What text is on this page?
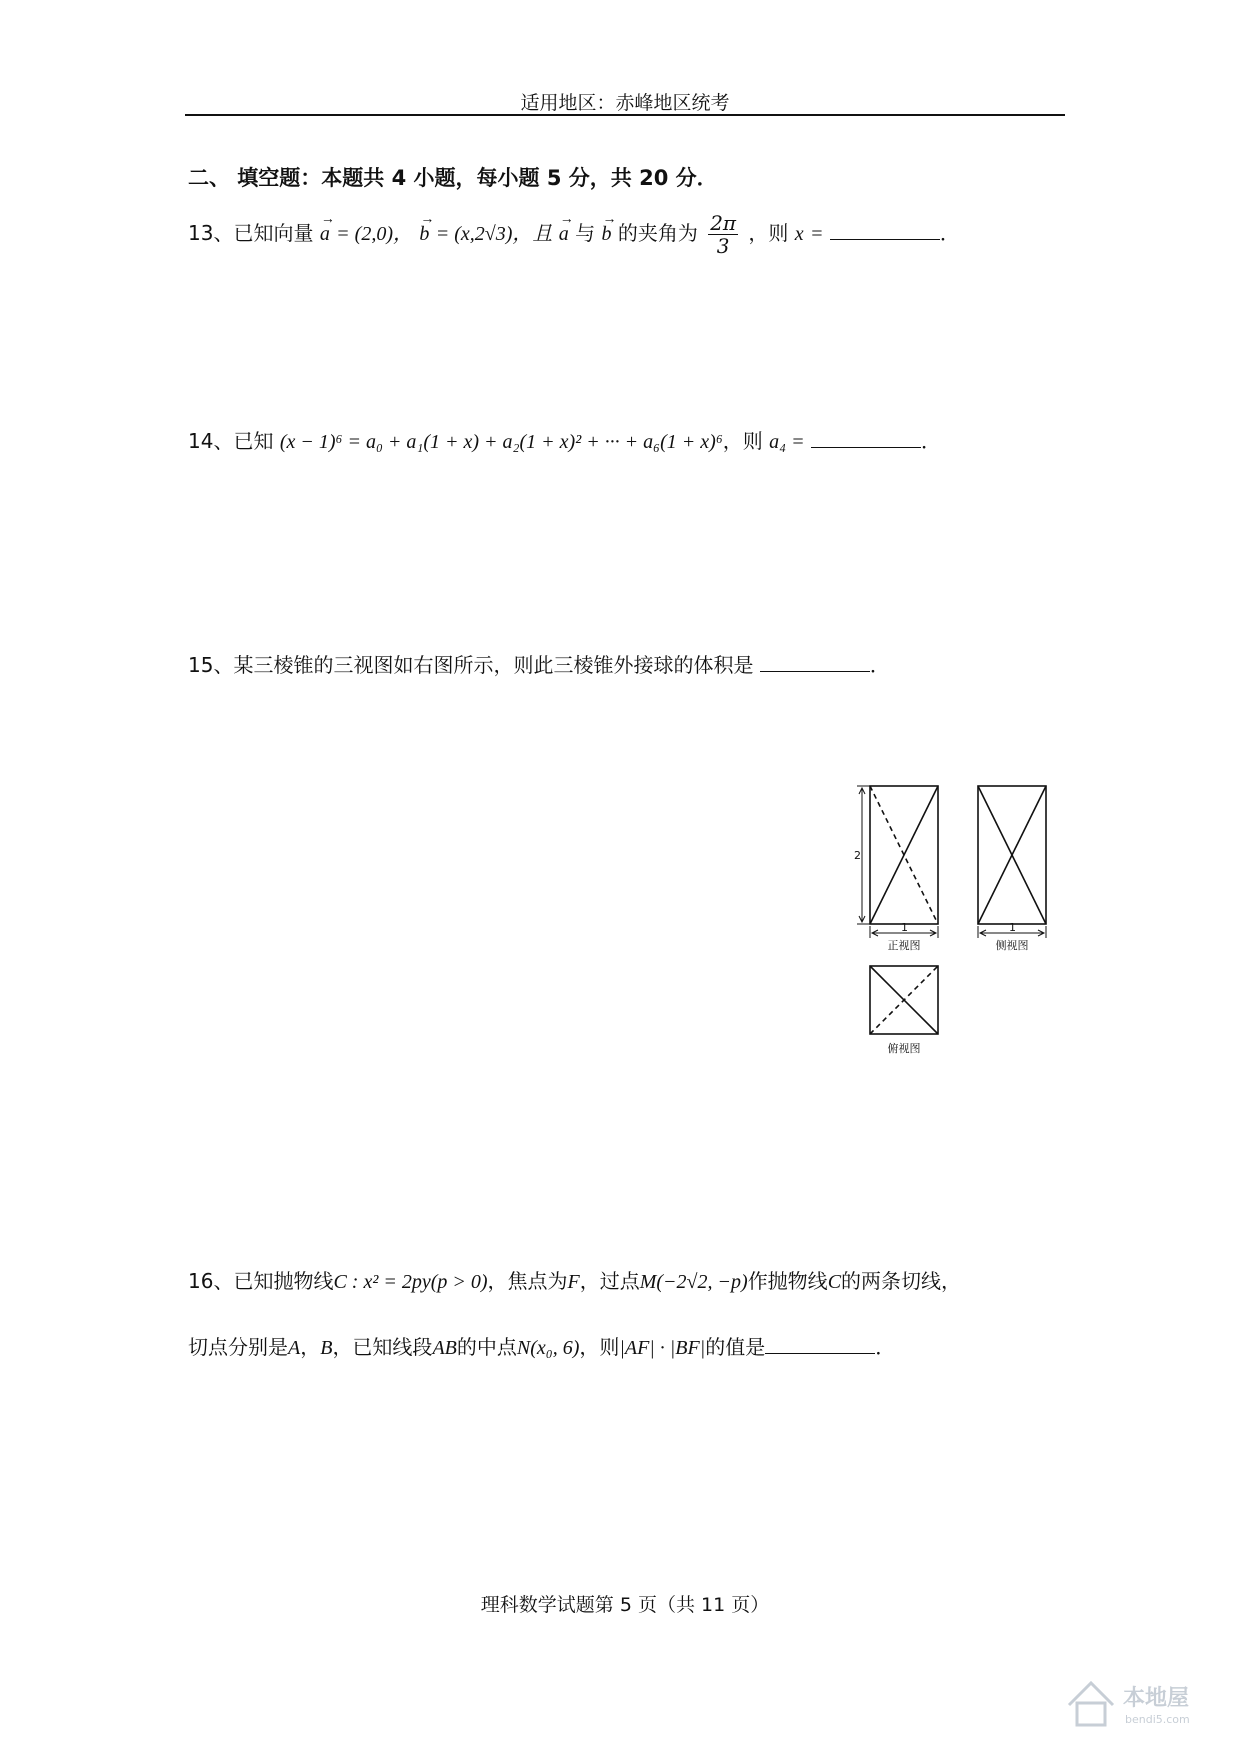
适用地区：赤峰地区统考
二、 填空题：本题共 4 小题，每小题 5 分，共 20 分．
13、已知向量
→
a = (2,0)，
→
b = (x,2√3)，且
→
a 与
→
b 的夹角为 $\frac{2\pi}{3}$ ，则 x =	．
14、已知 (x − 1)⁶ = a₀ + a₁(1 + x) + a₂(1 + x)² + ··· + a₆(1 + x)⁶，则 a₄ =	．
15、某三棱锥的三视图如右图所示，则此三棱锥外接球的体积是	．
2
1
正视图
1
侧视图
俯视图
16、已知抛物线C : x² = 2py(p > 0)，焦点为F，过点M(−2√2, −p)作抛物线C的两条切线，
切点分别是A，B，已知线段AB的中点N(x₀, 6)，则|AF| · |BF|的值是	．
理科数学试题第 5 页（共 11 页）
本地屋
bendi5.com
